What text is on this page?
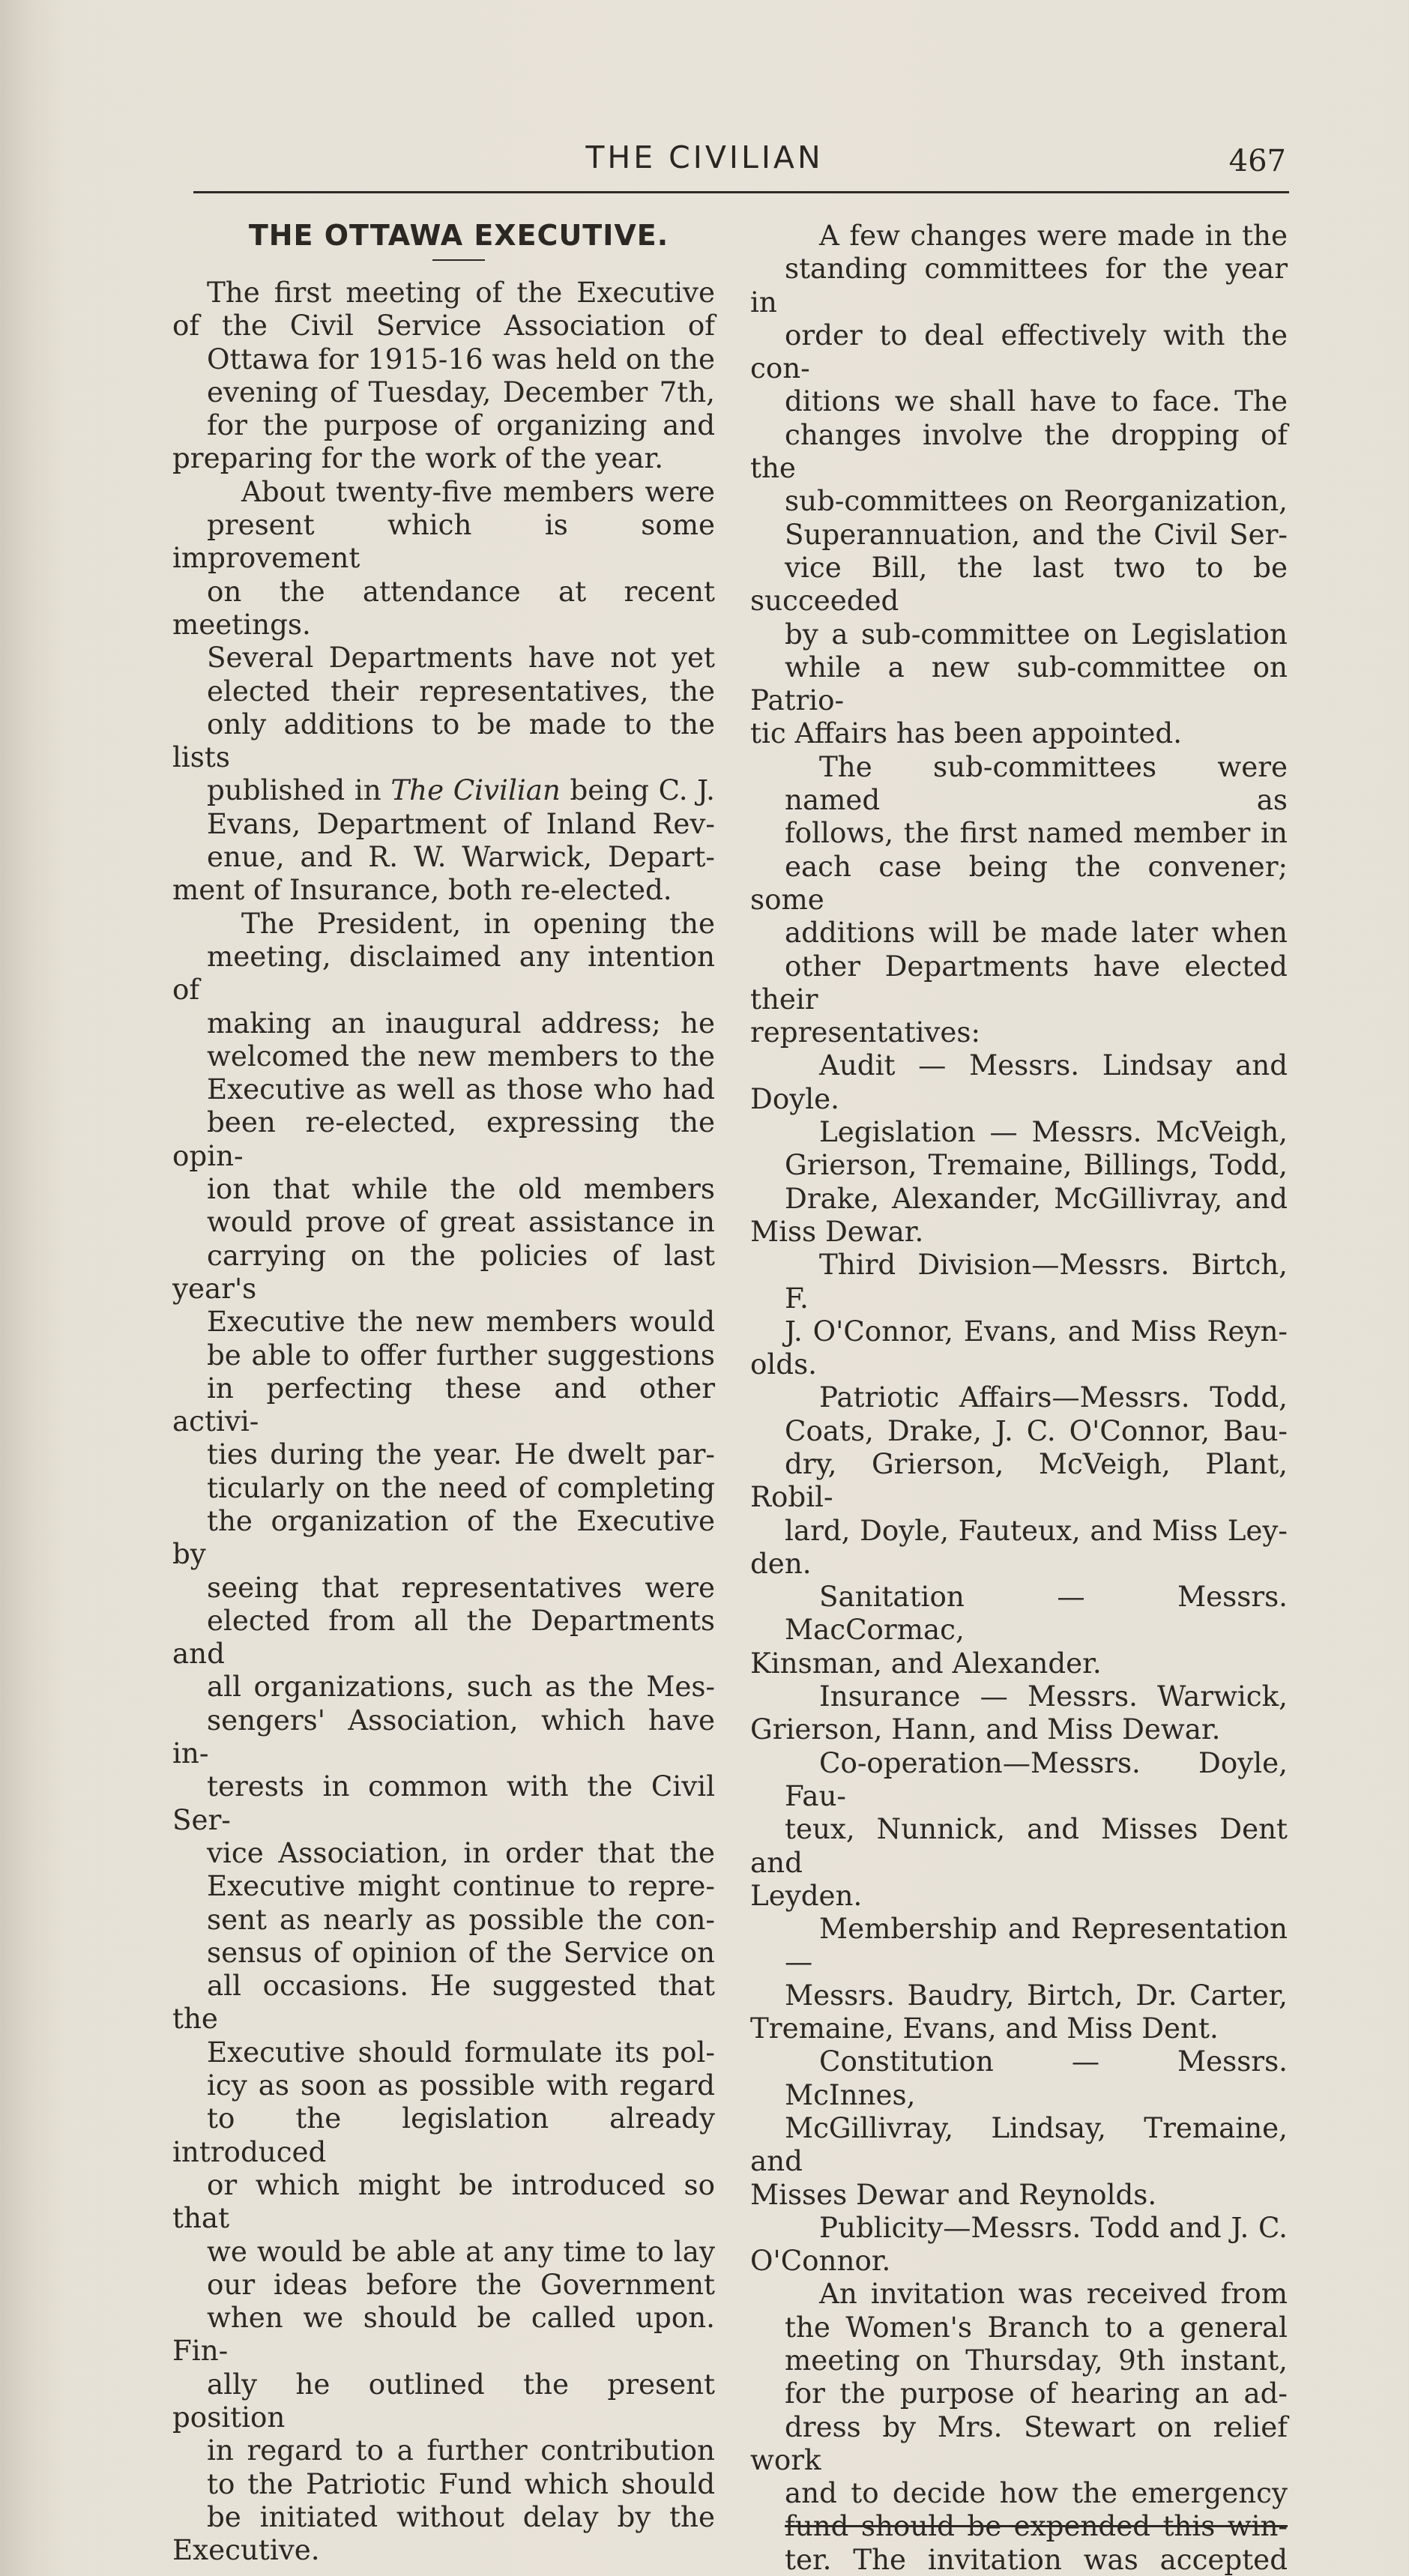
THE CIVILIAN	467
THE OTTAWA EXECUTIVE.
The first meeting of the Executive
of the Civil Service Association of
Ottawa for 1915-16 was held on the
evening of Tuesday, December 7th,
for the purpose of organizing and
preparing for the work of the year.
About twenty-five members were
present which is some improvement
on the attendance at recent meetings.
Several Departments have not yet
elected their representatives, the
only additions to be made to the lists
published in The Civilian being C. J.
Evans, Department of Inland Rev-
enue, and R. W. Warwick, Depart-
ment of Insurance, both re-elected.
The President, in opening the
meeting, disclaimed any intention of
making an inaugural address; he
welcomed the new members to the
Executive as well as those who had
been re-elected, expressing the opin-
ion that while the old members
would prove of great assistance in
carrying on the policies of last year's
Executive the new members would
be able to offer further suggestions
in perfecting these and other activi-
ties during the year. He dwelt par-
ticularly on the need of completing
the organization of the Executive by
seeing that representatives were
elected from all the Departments and
all organizations, such as the Mes-
sengers' Association, which have in-
terests in common with the Civil Ser-
vice Association, in order that the
Executive might continue to repre-
sent as nearly as possible the con-
sensus of opinion of the Service on
all occasions. He suggested that the
Executive should formulate its pol-
icy as soon as possible with regard
to the legislation already introduced
or which might be introduced so that
we would be able at any time to lay
our ideas before the Government
when we should be called upon. Fin-
ally he outlined the present position
in regard to a further contribution
to the Patriotic Fund which should
be initiated without delay by the
Executive.
A few changes were made in the
standing committees for the year in
order to deal effectively with the con-
ditions we shall have to face. The
changes involve the dropping of the
sub-committees on Reorganization,
Superannuation, and the Civil Ser-
vice Bill, the last two to be succeeded
by a sub-committee on Legislation
while a new sub-committee on Patrio-
tic Affairs has been appointed.
The sub-committees were named as
follows, the first named member in
each case being the convener; some
additions will be made later when
other Departments have elected their
representatives:
Audit — Messrs. Lindsay and
Doyle.
Legislation — Messrs. McVeigh,
Grierson, Tremaine, Billings, Todd,
Drake, Alexander, McGillivray, and
Miss Dewar.
Third Division—Messrs. Birtch, F.
J. O'Connor, Evans, and Miss Reyn-
olds.
Patriotic Affairs—Messrs. Todd,
Coats, Drake, J. C. O'Connor, Bau-
dry, Grierson, McVeigh, Plant, Robil-
lard, Doyle, Fauteux, and Miss Ley-
den.
Sanitation — Messrs. MacCormac,
Kinsman, and Alexander.
Insurance — Messrs. Warwick,
Grierson, Hann, and Miss Dewar.
Co-operation—Messrs. Doyle, Fau-
teux, Nunnick, and Misses Dent and
Leyden.
Membership and Representation—
Messrs. Baudry, Birtch, Dr. Carter,
Tremaine, Evans, and Miss Dent.
Constitution — Messrs. McInnes,
McGillivray, Lindsay, Tremaine, and
Misses Dewar and Reynolds.
Publicity—Messrs. Todd and J. C.
O'Connor.
An invitation was received from
the Women's Branch to a general
meeting on Thursday, 9th instant,
for the purpose of hearing an ad-
dress by Mrs. Stewart on relief work
and to decide how the emergency
fund should be expended this win-
ter. The invitation was accepted
